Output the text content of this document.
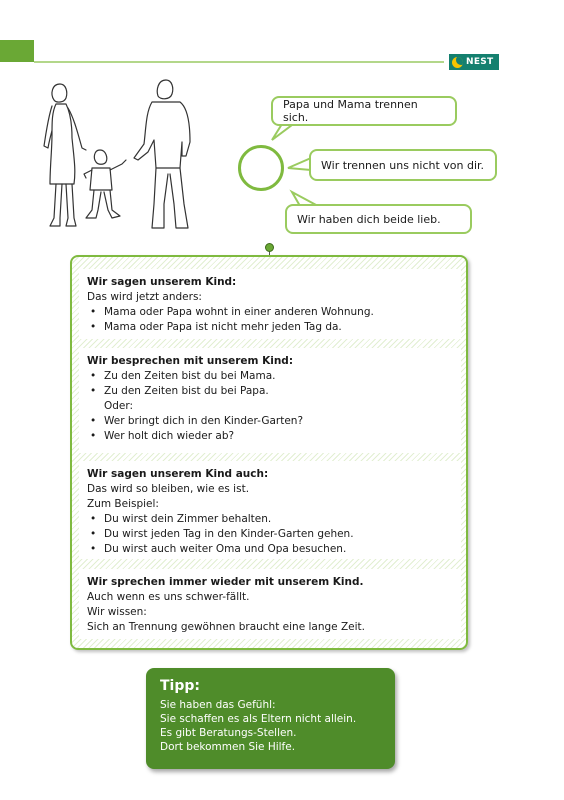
NEST
Papa und Mama trennen sich.
Wir trennen uns nicht von dir.
Wir haben dich beide lieb.
Wir sagen unserem Kind:
Das wird jetzt anders:
• Mama oder Papa wohnt in einer anderen Wohnung.
• Mama oder Papa ist nicht mehr jeden Tag da.
Wir besprechen mit unserem Kind:
• Zu den Zeiten bist du bei Mama.
• Zu den Zeiten bist du bei Papa.
Oder:
• Wer bringt dich in den Kinder-Garten?
• Wer holt dich wieder ab?
Wir sagen unserem Kind auch:
Das wird so bleiben, wie es ist.
Zum Beispiel:
• Du wirst dein Zimmer behalten.
• Du wirst jeden Tag in den Kinder-Garten gehen.
• Du wirst auch weiter Oma und Opa besuchen.
Wir sprechen immer wieder mit unserem Kind.
Auch wenn es uns schwer-fällt.
Wir wissen:
Sich an Trennung gewöhnen braucht eine lange Zeit.
Tipp:
Sie haben das Gefühl:
Sie schaffen es als Eltern nicht allein.
Es gibt Beratungs-Stellen.
Dort bekommen Sie Hilfe.
